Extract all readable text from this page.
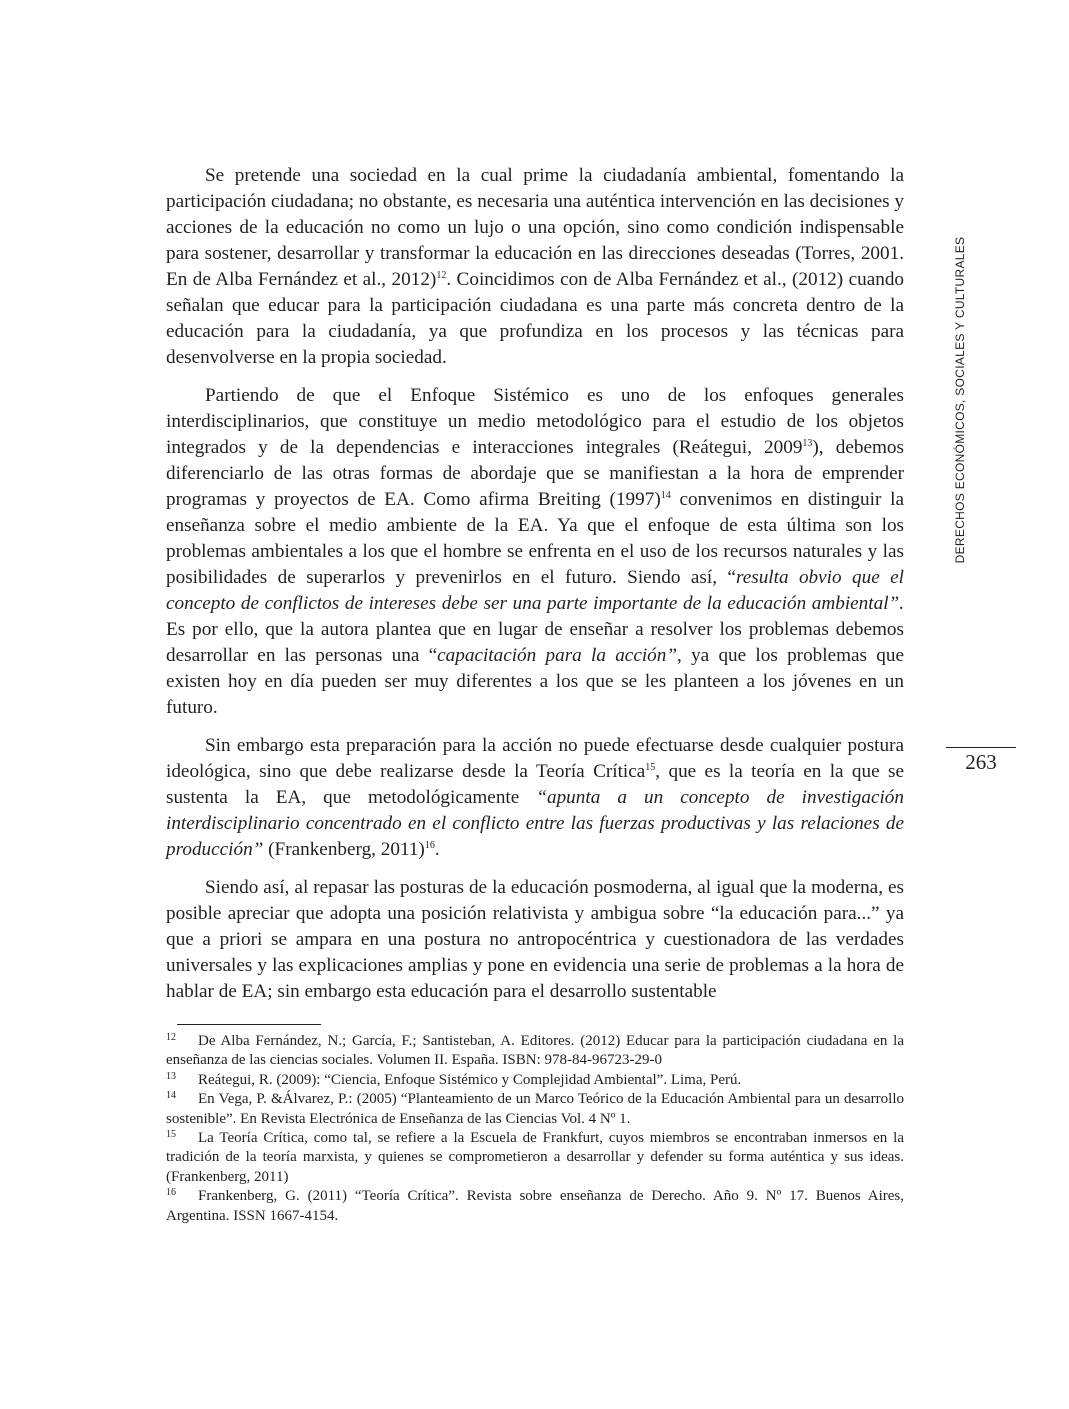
Se pretende una sociedad en la cual prime la ciudadanía ambiental, fomentando la participación ciudadana; no obstante, es necesaria una auténtica intervención en las decisiones y acciones de la educación no como un lujo o una opción, sino como condición indispensable para sostener, desarrollar y transformar la educación en las direcciones deseadas (Torres, 2001. En de Alba Fernández et al., 2012)$^{12}$. Coincidimos con de Alba Fernández et al., (2012) cuando señalan que educar para la participación ciudadana es una parte más concreta dentro de la educación para la ciudadanía, ya que profundiza en los procesos y las técnicas para desenvolverse en la propia sociedad.

Partiendo de que el Enfoque Sistémico es uno de los enfoques generales interdisciplinarios, que constituye un medio metodológico para el estudio de los objetos integrados y de la dependencias e interacciones integrales (Reátegui, 2009$^{13}$), debemos diferenciarlo de las otras formas de abordaje que se manifiestan a la hora de emprender programas y proyectos de EA. Como afirma Breiting $(1997)^{14}$ convenimos en distinguir la enseñanza sobre el medio ambiente de la EA. Ya que el enfoque de esta última son los problemas ambientales a los que el hombre se enfrenta en el uso de los recursos naturales y las posibilidades de superarlos y prevenirlos en el futuro. Siendo así, “resulta obvio que el concepto de conflictos de intereses debe ser una parte importante de la educación ambiental”. Es por ello, que la autora plantea que en lugar de enseñar a resolver los problemas debemos desarrollar en las personas una “capacitación para la acción”, ya que los problemas que existen hoy en día pueden ser muy diferentes a los que se les planteen a los jóvenes en un futuro.

Sin embargo esta preparación para la acción no puede efectuarse desde cualquier postura ideológica, sino que debe realizarse desde la Teoría Crítica$^{15}$, que es la teoría en la que se sustenta la EA, que metodológicamente “apunta a un concepto de investigación interdisciplinario concentrado en el conflicto entre las fuerzas productivas y las relaciones de producción” (Frankenberg, 2011)$^{16}$.

Siendo así, al repasar las posturas de la educación posmoderna, al igual que la moderna, es posible apreciar que adopta una posición relativista y ambigua sobre “la educación para...” ya que a priori se ampara en una postura no antropocéntrica y cuestionadora de las verdades universales y las explicaciones amplias y pone en evidencia una serie de problemas a la hora de hablar de EA; sin embargo esta educación para el desarrollo sustentable

DERECHOS ECONÓMICOS, SOCIALES Y CULTURALES
263

12 De Alba Fernández, N.; García, F.; Santisteban, A. Editores. (2012) Educar para la participación ciudadana en la enseñanza de las ciencias sociales. Volumen II. España. ISBN: 978-84-96723-29-0

13 Reátegui, R. (2009): “Ciencia, Enfoque Sistémico y Complejidad Ambiental”. Lima, Perú.

14 En Vega, P. &Álvarez, P.: (2005) “Planteamiento de un Marco Teórico de la Educación Ambiental para un desarrollo sostenible”. En Revista Electrónica de Enseñanza de las Ciencias Vol. 4 Nº 1.

15 La Teoría Crítica, como tal, se refiere a la Escuela de Frankfurt, cuyos miembros se encontraban inmersos en la tradición de la teoría marxista, y quienes se comprometieron a desarrollar y defender su forma auténtica y sus ideas. (Frankenberg, 2011)

16 Frankenberg, G. (2011) “Teoría Crítica”. Revista sobre enseñanza de Derecho. Año 9. Nº 17. Buenos Aires, Argentina. ISSN 1667-4154.
